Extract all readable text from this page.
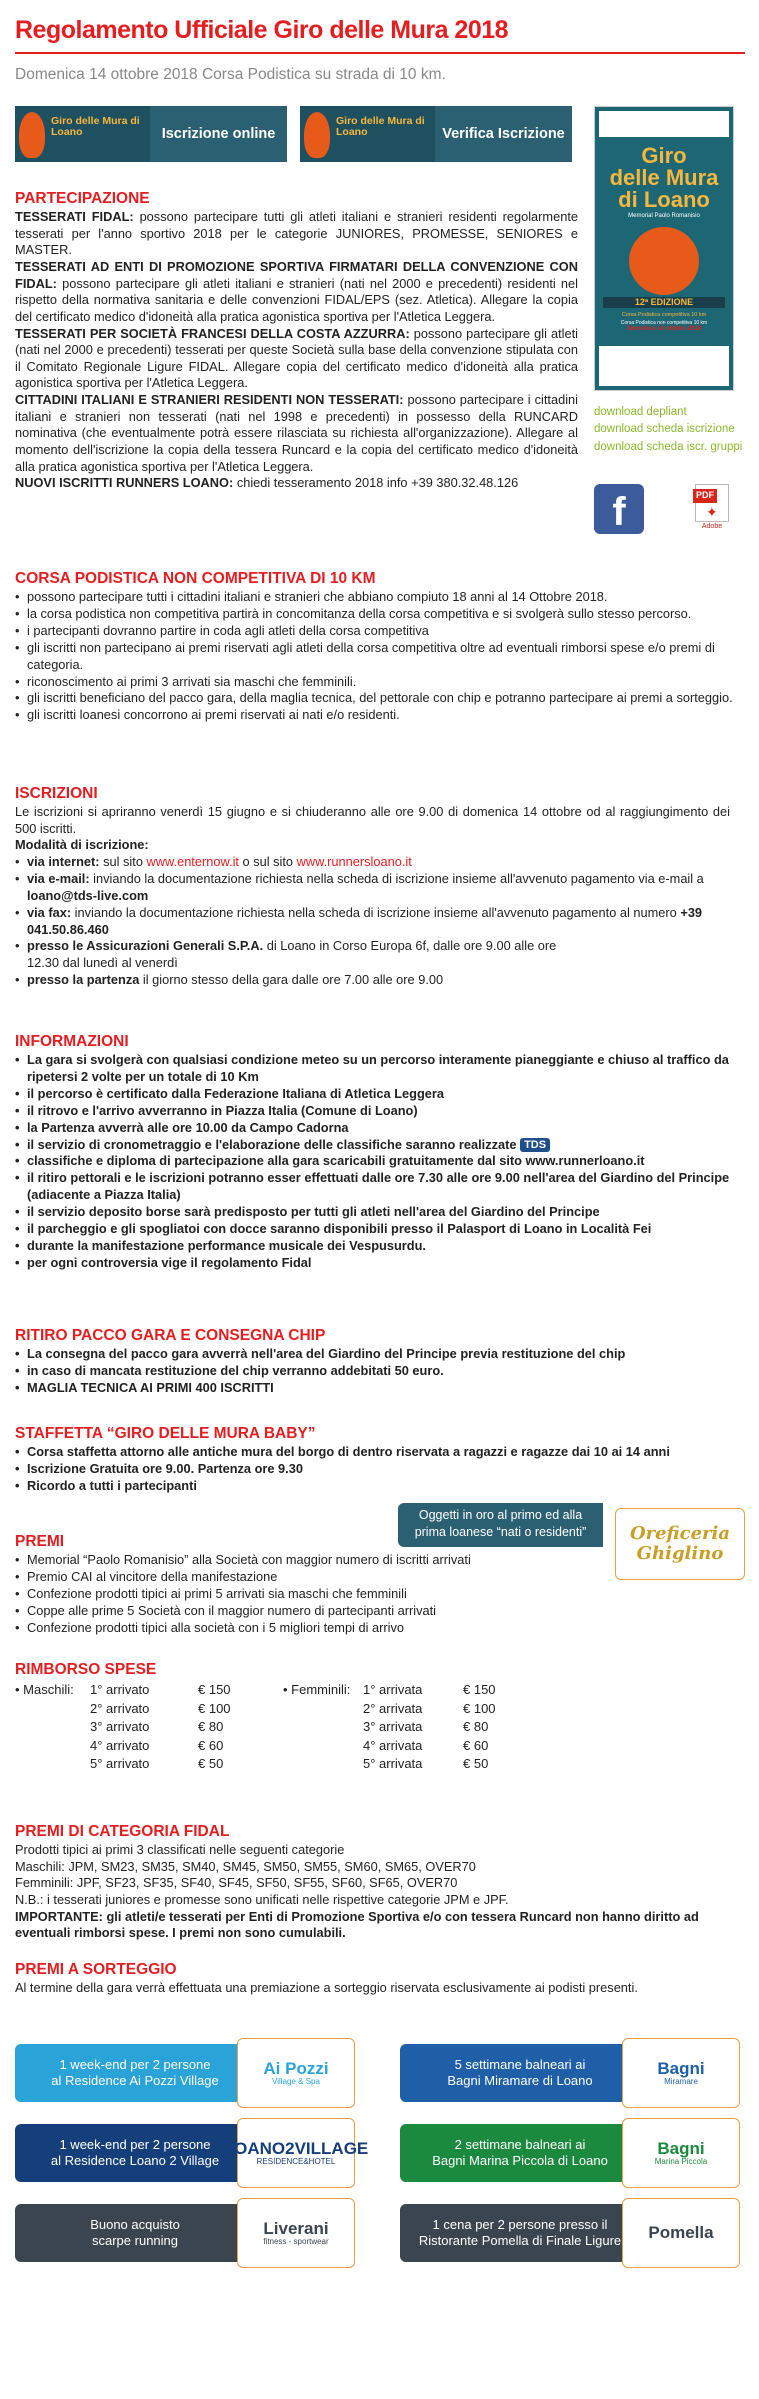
Regolamento Ufficiale Giro delle Mura 2018
Domenica 14 ottobre 2018 Corsa Podistica su strada di 10 km.
Giro delle Mura di Loano	Iscrizione online
Giro delle Mura di Loano	Verifica Iscrizione
Giro
delle Mura
di Loano
Memorial Paolo Romanisio
12ª EDIZIONE
Corsa Podistica competitiva 10 km
Corsa Podistica non competitiva 10 km
Domenica 14 ottobre 2018
download depliant
download scheda iscrizione
download scheda iscr. gruppi
f	PDF
✦
Adobe
PARTECIPAZIONE
TESSERATI FIDAL: possono partecipare tutti gli atleti italiani e stranieri residenti regolarmente tesserati per l'anno sportivo 2018 per le categorie JUNIORES, PROMESSE, SENIORES e MASTER.
TESSERATI AD ENTI DI PROMOZIONE SPORTIVA FIRMATARI DELLA CONVENZIONE CON FIDAL: possono partecipare gli atleti italiani e stranieri (nati nel 2000 e precedenti) residenti nel rispetto della normativa sanitaria e delle convenzioni FIDAL/EPS (sez. Atletica). Allegare la copia del certificato medico d'idoneità alla pratica agonistica sportiva per l'Atletica Leggera.
TESSERATI PER SOCIETÀ FRANCESI DELLA COSTA AZZURRA: possono partecipare gli atleti (nati nel 2000 e precedenti) tesserati per queste Società sulla base della convenzione stipulata con il Comitato Regionale Ligure FIDAL. Allegare copia del certificato medico d'idoneità alla pratica agonistica sportiva per l'Atletica Leggera.
CITTADINI ITALIANI E STRANIERI RESIDENTI NON TESSERATI: possono partecipare i cittadini italiani e stranieri non tesserati (nati nel 1998 e precedenti) in possesso della RUNCARD nominativa (che eventualmente potrà essere rilasciata su richiesta all'organizzazione). Allegare al momento dell'iscrizione la copia della tessera Runcard e la copia del certificato medico d'idoneità alla pratica agonistica sportiva per l'Atletica Leggera.
NUOVI ISCRITTI RUNNERS LOANO: chiedi tesseramento 2018 info +39 380.32.48.126
CORSA PODISTICA NON COMPETITIVA DI 10 KM
• possono partecipare tutti i cittadini italiani e stranieri che abbiano compiuto 18 anni al 14 Ottobre 2018.
• la corsa podistica non competitiva partirà in concomitanza della corsa competitiva e si svolgerà sullo stesso percorso.
• i partecipanti dovranno partire in coda agli atleti della corsa competitiva
• gli iscritti non partecipano ai premi riservati agli atleti della corsa competitiva oltre ad eventuali rimborsi spese e/o premi di categoria.
• riconoscimento ai primi 3 arrivati sia maschi che femminili.
• gli iscritti beneficiano del pacco gara, della maglia tecnica, del pettorale con chip e potranno partecipare ai premi a sorteggio.
• gli iscritti loanesi concorrono ai premi riservati ai nati e/o residenti.
ISCRIZIONI
Le iscrizioni si apriranno venerdì 15 giugno e si chiuderanno alle ore 9.00 di domenica 14 ottobre od al raggiungimento dei 500 iscritti.
Modalità di iscrizione:
• via internet: sul sito www.enternow.it o sul sito www.runnersloano.it
• via e-mail: inviando la documentazione richiesta nella scheda di iscrizione insieme all'avvenuto pagamento via e-mail a loano@tds-live.com
• via fax: inviando la documentazione richiesta nella scheda di iscrizione insieme all'avvenuto pagamento al numero +39 041.50.86.460
• presso le Assicurazioni Generali S.P.A. di Loano in Corso Europa 6f, dalle ore 9.00 alle ore 12.30 dal lunedì al venerdì
• presso la partenza il giorno stesso della gara dalle ore 7.00 alle ore 9.00
INFORMAZIONI
• La gara si svolgerà con qualsiasi condizione meteo su un percorso interamente pianeggiante e chiuso al traffico da ripetersi 2 volte per un totale di 10 Km
• il percorso è certificato dalla Federazione Italiana di Atletica Leggera
• il ritrovo e l'arrivo avverranno in Piazza Italia (Comune di Loano)
• la Partenza avverrà alle ore 10.00 da Campo Cadorna
• il servizio di cronometraggio e l'elaborazione delle classifiche saranno realizzate TDS
• classifiche e diploma di partecipazione alla gara scaricabili gratuitamente dal sito www.runnerloano.it
• il ritiro pettorali e le iscrizioni potranno esser effettuati dalle ore 7.30 alle ore 9.00 nell'area del Giardino del Principe (adiacente a Piazza Italia)
• il servizio deposito borse sarà predisposto per tutti gli atleti nell'area del Giardino del Principe
• il parcheggio e gli spogliatoi con docce saranno disponibili presso il Palasport di Loano in Località Fei
• durante la manifestazione performance musicale dei Vespusurdu.
• per ogni controversia vige il regolamento Fidal
RITIRO PACCO GARA E CONSEGNA CHIP
• La consegna del pacco gara avverrà nell'area del Giardino del Principe previa restituzione del chip
• in caso di mancata restituzione del chip verranno addebitati 50 euro.
• MAGLIA TECNICA AI PRIMI 400 ISCRITTI
STAFFETTA “GIRO DELLE MURA BABY”
• Corsa staffetta attorno alle antiche mura del borgo di dentro riservata a ragazzi e ragazze dai 10 ai 14 anni
• Iscrizione Gratuita ore 9.00. Partenza ore 9.30
• Ricordo a tutti i partecipanti
Oggetti in oro al primo ed alla
prima loanese “nati o residenti”	Oreficeria
Ghiglino
PREMI
• Memorial “Paolo Romanisio” alla Società con maggior numero di iscritti arrivati
• Premio CAI al vincitore della manifestazione
• Confezione prodotti tipici ai primi 5 arrivati sia maschi che femminili
• Coppe alle prime 5 Società con il maggior numero di partecipanti arrivati
• Confezione prodotti tipici alla società con i 5 migliori tempi di arrivo
RIMBORSO SPESE
• Maschili:	1° arrivato	€ 150
	2° arrivato	€ 100
	3° arrivato	€ 80
	4° arrivato	€ 60
	5° arrivato	€ 50
• Femminili:	1° arrivata	€ 150
	2° arrivata	€ 100
	3° arrivata	€ 80
	4° arrivata	€ 60
	5° arrivata	€ 50
PREMI DI CATEGORIA FIDAL
Prodotti tipici ai primi 3 classificati nelle seguenti categorie
Maschili: JPM, SM23, SM35, SM40, SM45, SM50, SM55, SM60, SM65, OVER70
Femminili: JPF, SF23, SF35, SF40, SF45, SF50, SF55, SF60, SF65, OVER70
N.B.: i tesserati juniores e promesse sono unificati nelle rispettive categorie JPM e JPF.
IMPORTANTE: gli atleti/e tesserati per Enti di Promozione Sportiva e/o con tessera Runcard non hanno diritto ad eventuali rimborsi spese. I premi non sono cumulabili.
PREMI A SORTEGGIO
Al termine della gara verrà effettuata una premiazione a sorteggio riservata esclusivamente ai podisti presenti.
1 week-end per 2 persone
al Residence Ai Pozzi Village
Ai Pozzi
Village & Spa
5 settimane balneari ai
Bagni Miramare di Loano
Bagni
Miramare
1 week-end per 2 persone
al Residence Loano 2 Village
LOANO2VILLAGE
RESIDENCE&HOTEL
2 settimane balneari ai
Bagni Marina Piccola di Loano
Bagni
Marina Piccola
Buono acquisto
scarpe running
Liverani
fitness - sportwear
1 cena per 2 persone presso il
Ristorante Pomella di Finale Ligure Pomella
